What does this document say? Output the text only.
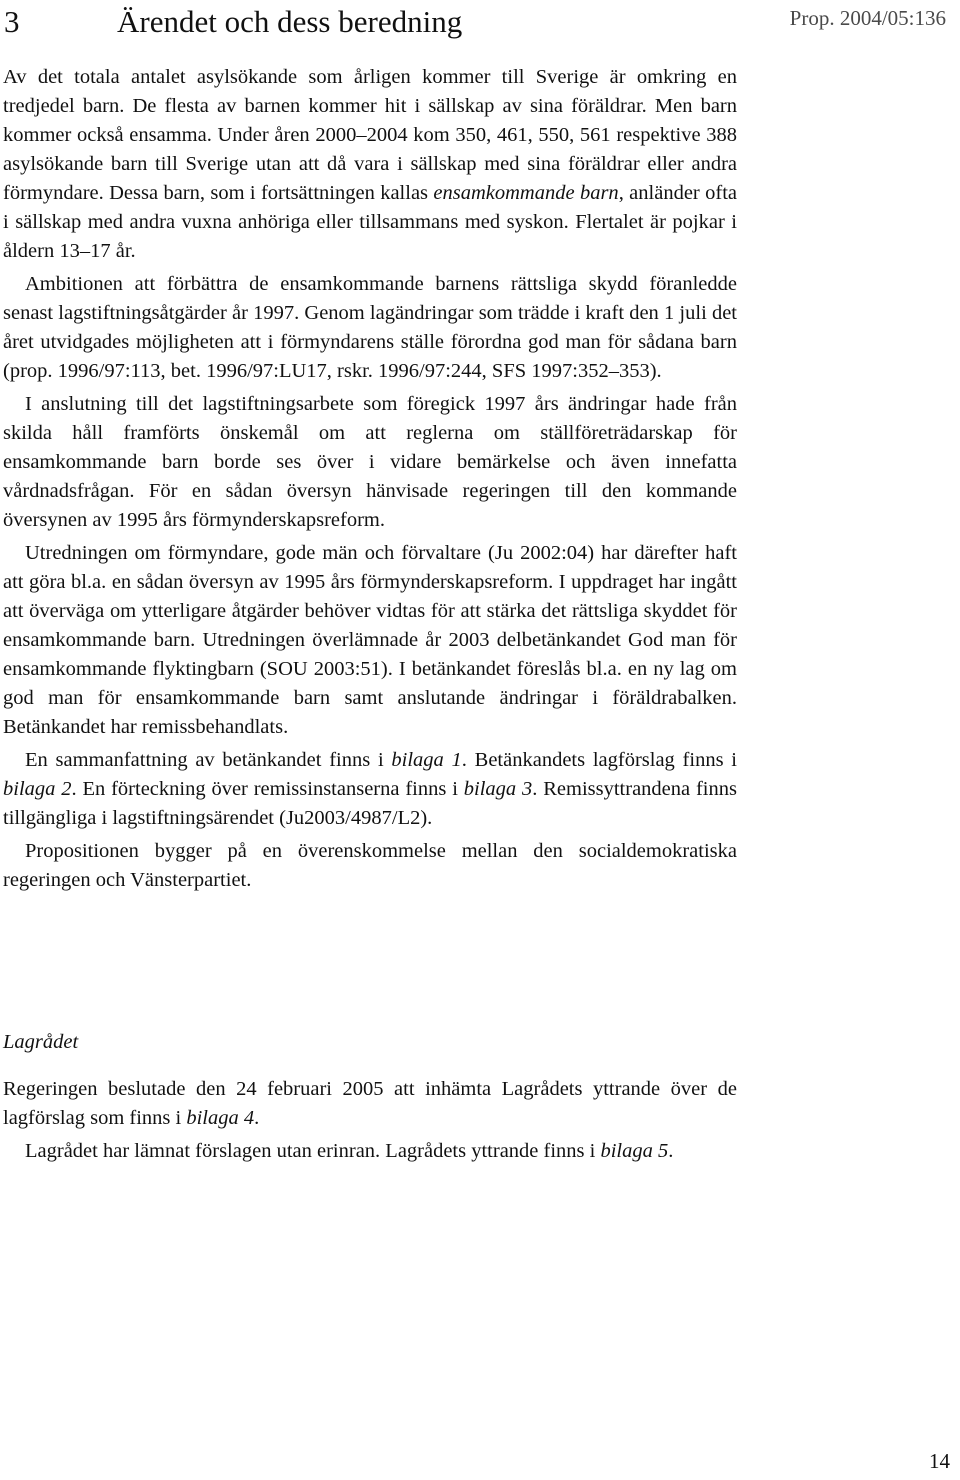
3	Ärendet och dess beredning	Prop. 2004/05:136

Av det totala antalet asylsökande som årligen kommer till Sverige är omkring en tredjedel barn. De flesta av barnen kommer hit i sällskap av sina föräldrar. Men barn kommer också ensamma. Under åren 2000–2004 kom 350, 461, 550, 561 respektive 388 asylsökande barn till Sverige utan att då vara i sällskap med sina föräldrar eller andra förmyndare. Dessa barn, som i fortsättningen kallas ensamkommande barn, anländer ofta i sällskap med andra vuxna anhöriga eller tillsammans med syskon. Flertalet är pojkar i åldern 13–17 år.

Ambitionen att förbättra de ensamkommande barnens rättsliga skydd föranledde senast lagstiftningsåtgärder år 1997. Genom lagändringar som trädde i kraft den 1 juli det året utvidgades möjligheten att i förmyndarens ställe förordna god man för sådana barn (prop. 1996/97:113, bet. 1996/97:LU17, rskr. 1996/97:244, SFS 1997:352–353).

I anslutning till det lagstiftningsarbete som föregick 1997 års ändringar hade från skilda håll framförts önskemål om att reglerna om ställföreträdarskap för ensamkommande barn borde ses över i vidare bemärkelse och även innefatta vårdnadsfrågan. För en sådan översyn hänvisade regeringen till den kommande översynen av 1995 års förmynderskapsreform.

Utredningen om förmyndare, gode män och förvaltare (Ju 2002:04) har därefter haft att göra bl.a. en sådan översyn av 1995 års förmynderskapsreform. I uppdraget har ingått att överväga om ytterligare åtgärder behöver vidtas för att stärka det rättsliga skyddet för ensamkommande barn. Utredningen överlämnade år 2003 delbetänkandet God man för ensamkommande flyktingbarn (SOU 2003:51). I betänkandet föreslås bl.a. en ny lag om god man för ensamkommande barn samt anslutande ändringar i föräldrabalken. Betänkandet har remissbehandlats.

En sammanfattning av betänkandet finns i bilaga 1. Betänkandets lagförslag finns i bilaga 2. En förteckning över remissinstanserna finns i bilaga 3. Remissyttrandena finns tillgängliga i lagstiftningsärendet (Ju2003/4987/L2).

Propositionen bygger på en överenskommelse mellan den socialdemokratiska regeringen och Vänsterpartiet.

Lagrådet

Regeringen beslutade den 24 februari 2005 att inhämta Lagrådets yttrande över de lagförslag som finns i bilaga 4.

Lagrådet har lämnat förslagen utan erinran. Lagrådets yttrande finns i bilaga 5.

14
